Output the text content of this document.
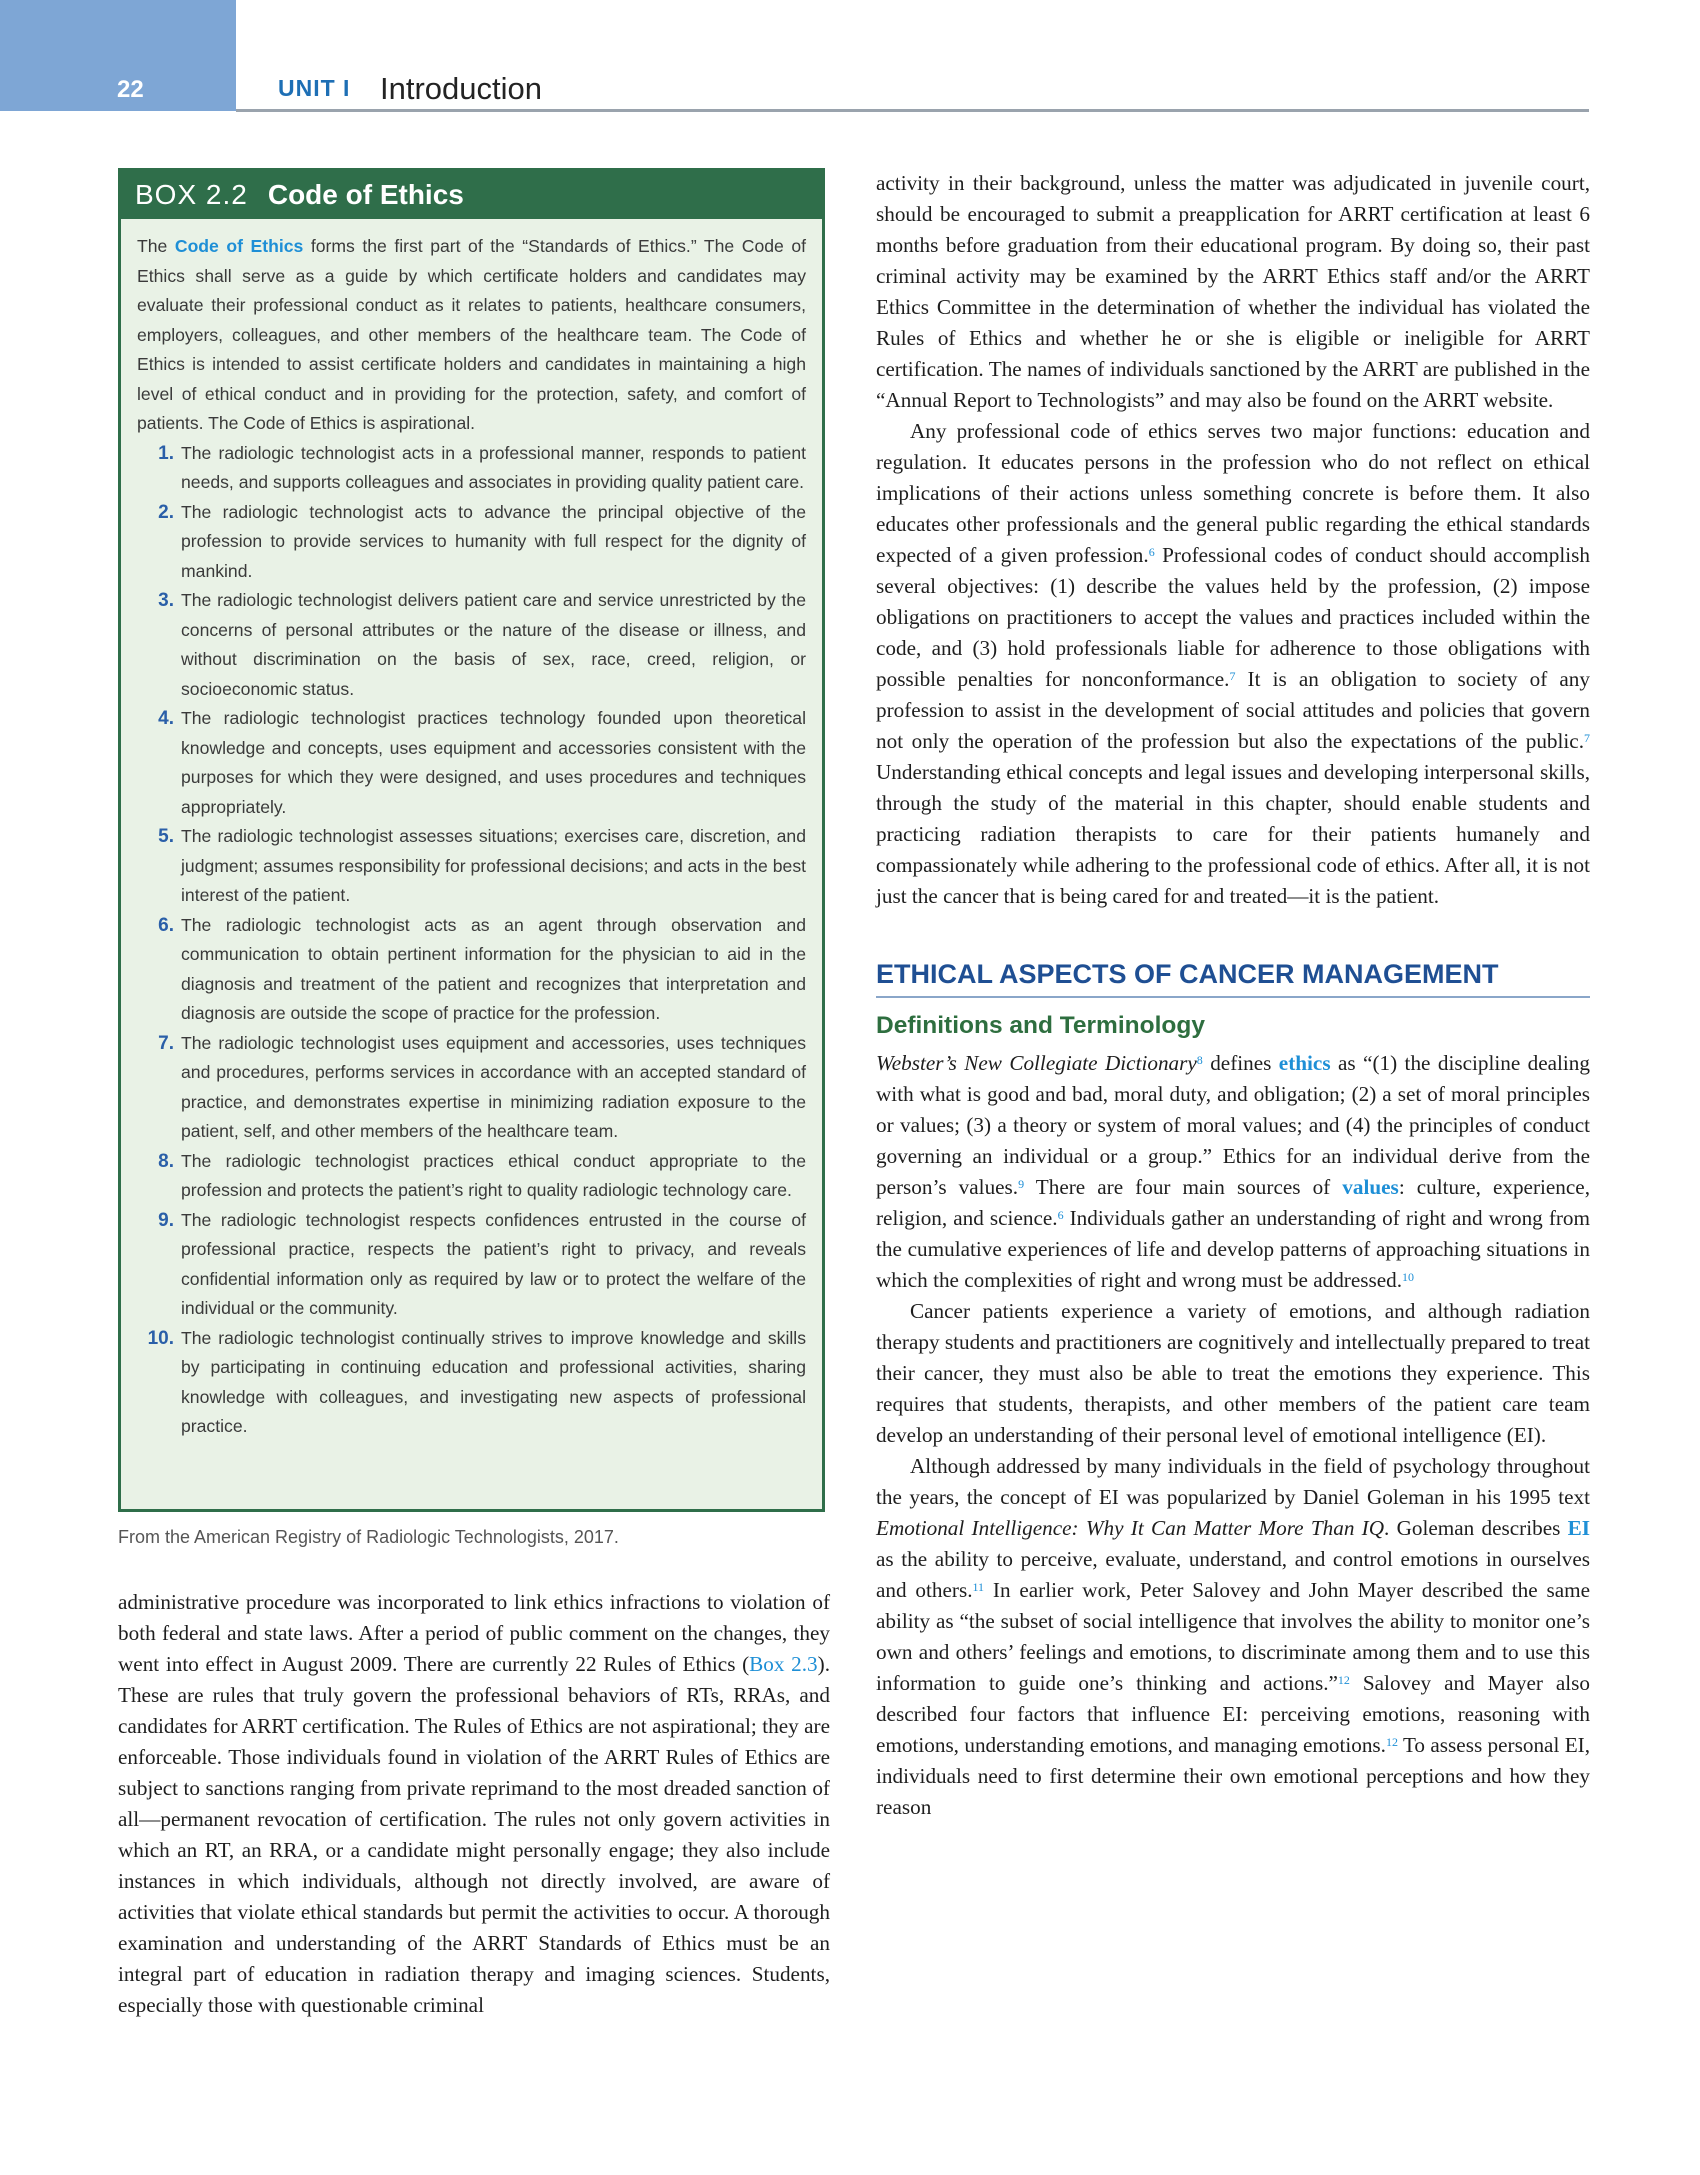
22	UNIT I Introduction
BOX 2.2 Code of Ethics

The Code of Ethics forms the first part of the “Standards of Ethics.” The Code of Ethics shall serve as a guide by which certificate holders and candidates may evaluate their professional conduct as it relates to patients, healthcare consumers, employers, colleagues, and other members of the healthcare team. The Code of Ethics is intended to assist certificate holders and candidates in maintaining a high level of ethical conduct and in providing for the protection, safety, and comfort of patients. The Code of Ethics is aspirational.

1. The radiologic technologist acts in a professional manner, responds to patient needs, and supports colleagues and associates in providing quality patient care.
2. The radiologic technologist acts to advance the principal objective of the profession to provide services to humanity with full respect for the dignity of mankind.
3. The radiologic technologist delivers patient care and service unrestricted by the concerns of personal attributes or the nature of the disease or illness, and without discrimination on the basis of sex, race, creed, religion, or socioeconomic status.
4. The radiologic technologist practices technology founded upon theoretical knowledge and concepts, uses equipment and accessories consistent with the purposes for which they were designed, and uses procedures and techniques appropriately.
5. The radiologic technologist assesses situations; exercises care, discretion, and judgment; assumes responsibility for professional decisions; and acts in the best interest of the patient.
6. The radiologic technologist acts as an agent through observation and communication to obtain pertinent information for the physician to aid in the diagnosis and treatment of the patient and recognizes that interpretation and diagnosis are outside the scope of practice for the profession.
7. The radiologic technologist uses equipment and accessories, uses techniques and procedures, performs services in accordance with an accepted standard of practice, and demonstrates expertise in minimizing radiation exposure to the patient, self, and other members of the healthcare team.
8. The radiologic technologist practices ethical conduct appropriate to the profession and protects the patient’s right to quality radiologic technology care.
9. The radiologic technologist respects confidences entrusted in the course of professional practice, respects the patient’s right to privacy, and reveals confidential information only as required by law or to protect the welfare of the individual or the community.
10. The radiologic technologist continually strives to improve knowledge and skills by participating in continuing education and professional activities, sharing knowledge with colleagues, and investigating new aspects of professional practice.
From the American Registry of Radiologic Technologists, 2017.

administrative procedure was incorporated to link ethics infractions to violation of both federal and state laws. After a period of public comment on the changes, they went into effect in August 2009. There are currently 22 Rules of Ethics (Box 2.3). These are rules that truly govern the professional behaviors of RTs, RRAs, and candidates for ARRT certification. The Rules of Ethics are not aspirational; they are enforceable. Those individuals found in violation of the ARRT Rules of Ethics are subject to sanctions ranging from private reprimand to the most dreaded sanction of all—permanent revocation of certification. The rules not only govern activities in which an RT, an RRA, or a candidate might personally engage; they also include instances in which individuals, although not directly involved, are aware of activities that violate ethical standards but permit the activities to occur. A thorough examination and understanding of the ARRT Standards of Ethics must be an integral part of education in radiation therapy and imaging sciences. Students, especially those with questionable criminal

activity in their background, unless the matter was adjudicated in juvenile court, should be encouraged to submit a preapplication for ARRT certification at least 6 months before graduation from their educational program. By doing so, their past criminal activity may be examined by the ARRT Ethics staff and/or the ARRT Ethics Committee in the determination of whether the individual has violated the Rules of Ethics and whether he or she is eligible or ineligible for ARRT certification. The names of individuals sanctioned by the ARRT are published in the “Annual Report to Technologists” and may also be found on the ARRT website.

Any professional code of ethics serves two major functions: education and regulation. It educates persons in the profession who do not reflect on ethical implications of their actions unless something concrete is before them. It also educates other professionals and the general public regarding the ethical standards expected of a given profession.$^6$ Professional codes of conduct should accomplish several objectives: (1) describe the values held by the profession, (2) impose obligations on practitioners to accept the values and practices included within the code, and (3) hold professionals liable for adherence to those obligations with possible penalties for nonconformance.$^7$ It is an obligation to society of any profession to assist in the development of social attitudes and policies that govern not only the operation of the profession but also the expectations of the public.$^7$ Understanding ethical concepts and legal issues and developing interpersonal skills, through the study of the material in this chapter, should enable students and practicing radiation therapists to care for their patients humanely and compassionately while adhering to the professional code of ethics. After all, it is not just the cancer that is being cared for and treated—it is the patient.

ETHICAL ASPECTS OF CANCER MANAGEMENT
Definitions and Terminology

Webster’s New Collegiate Dictionary$^8$ defines ethics as “(1) the discipline dealing with what is good and bad, moral duty, and obligation; (2) a set of moral principles or values; (3) a theory or system of moral values; and (4) the principles of conduct governing an individual or a group.” Ethics for an individual derive from the person’s values.$^9$ There are four main sources of values: culture, experience, religion, and science.$^6$ Individuals gather an understanding of right and wrong from the cumulative experiences of life and develop patterns of approaching situations in which the complexities of right and wrong must be addressed.$^{10}$

Cancer patients experience a variety of emotions, and although radiation therapy students and practitioners are cognitively and intellectually prepared to treat their cancer, they must also be able to treat the emotions they experience. This requires that students, therapists, and other members of the patient care team develop an understanding of their personal level of emotional intelligence (EI).

Although addressed by many individuals in the field of psychology throughout the years, the concept of EI was popularized by Daniel Goleman in his 1995 text Emotional Intelligence: Why It Can Matter More Than IQ. Goleman describes EI as the ability to perceive, evaluate, understand, and control emotions in ourselves and others.$^{11}$ In earlier work, Peter Salovey and John Mayer described the same ability as “the subset of social intelligence that involves the ability to monitor one’s own and others’ feelings and emotions, to discriminate among them and to use this information to guide one’s thinking and actions.”$^{12}$ Salovey and Mayer also described four factors that influence EI: perceiving emotions, reasoning with emotions, understanding emotions, and managing emotions.$^{12}$ To assess personal EI, individuals need to first determine their own emotional perceptions and how they reason
